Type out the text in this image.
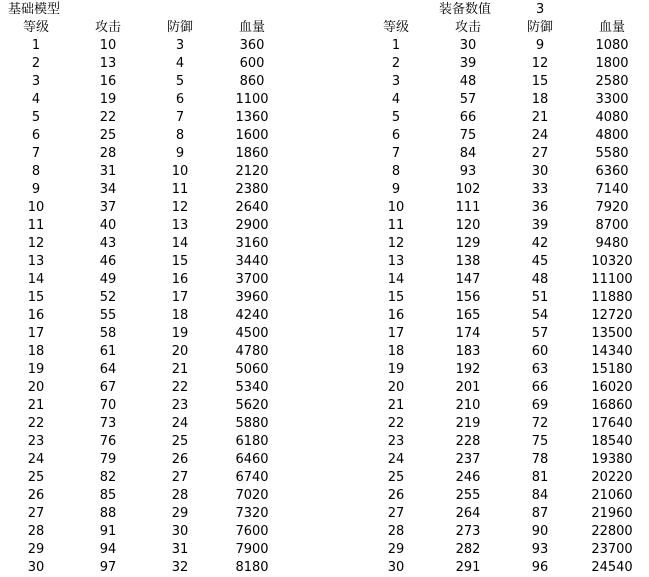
基础模型
等级	攻击	防御	血量
1	10	3	360
2	13	4	600
3	16	5	860
4	19	6	1100
5	22	7	1360
6	25	8	1600
7	28	9	1860
8	31	10	2120
9	34	11	2380
10	37	12	2640
11	40	13	2900
12	43	14	3160
13	46	15	3440
14	49	16	3700
15	52	17	3960
16	55	18	4240
17	58	19	4500
18	61	20	4780
19	64	21	5060
20	67	22	5340
21	70	23	5620
22	73	24	5880
23	76	25	6180
24	79	26	6460
25	82	27	6740
26	85	28	7020
27	88	29	7320
28	91	30	7600
29	94	31	7900
30	97	32	8180
装备数值	3
等级	攻击	防御	血量
1	30	9	1080
2	39	12	1800
3	48	15	2580
4	57	18	3300
5	66	21	4080
6	75	24	4800
7	84	27	5580
8	93	30	6360
9	102	33	7140
10	111	36	7920
11	120	39	8700
12	129	42	9480
13	138	45	10320
14	147	48	11100
15	156	51	11880
16	165	54	12720
17	174	57	13500
18	183	60	14340
19	192	63	15180
20	201	66	16020
21	210	69	16860
22	219	72	17640
23	228	75	18540
24	237	78	19380
25	246	81	20220
26	255	84	21060
27	264	87	21960
28	273	90	22800
29	282	93	23700
30	291	96	24540
